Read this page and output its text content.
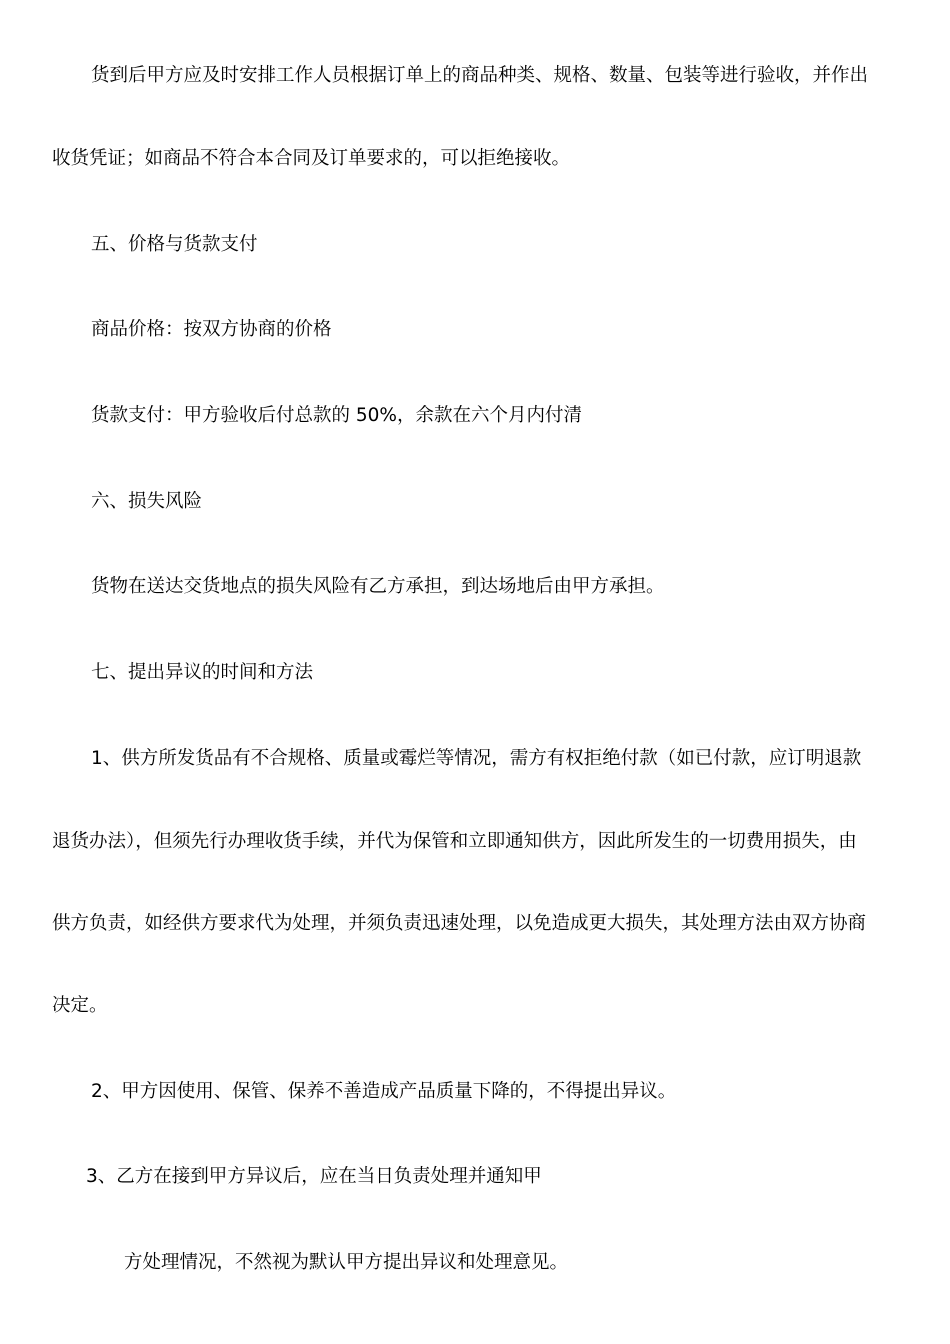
货到后甲方应及时安排工作人员根据订单上的商品种类、规格、数量、包装等进行验收，并作出
收货凭证；如商品不符合本合同及订单要求的，可以拒绝接收。
五、价格与货款支付
商品价格：按双方协商的价格
货款支付：甲方验收后付总款的 50%，余款在六个月内付清
六、损失风险
货物在送达交货地点的损失风险有乙方承担，到达场地后由甲方承担。
七、提出异议的时间和方法
1、供方所发货品有不合规格、质量或霉烂等情况，需方有权拒绝付款（如已付款，应订明退款
退货办法），但须先行办理收货手续，并代为保管和立即通知供方，因此所发生的一切费用损失，由
供方负责，如经供方要求代为处理，并须负责迅速处理，以免造成更大损失，其处理方法由双方协商
决定。
2、甲方因使用、保管、保养不善造成产品质量下降的，不得提出异议。
3、乙方在接到甲方异议后，应在当日负责处理并通知甲
方处理情况，不然视为默认甲方提出异议和处理意见。
